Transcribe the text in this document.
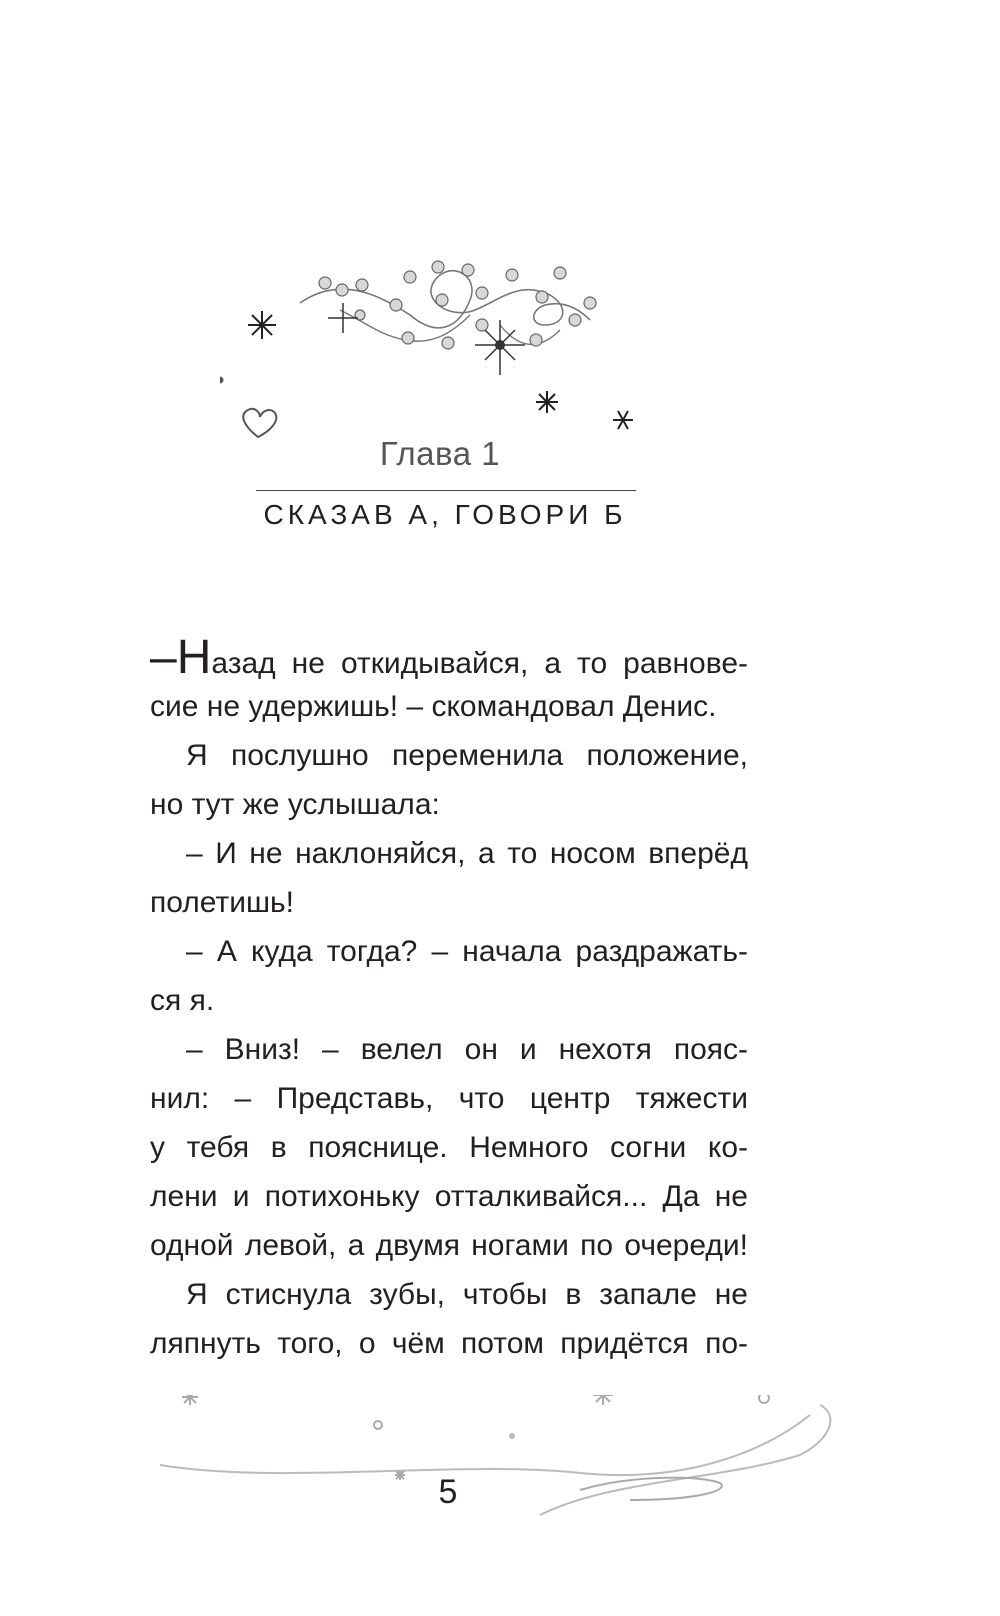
Глава 1
СКАЗАВ А, ГОВОРИ Б
–Назад не откидывайся, а то равнове-
сие не удержишь! – скомандовал Денис.
Я послушно переменила положение,
но тут же услышала:
– И не наклоняйся, а то носом вперёд
полетишь!
– А куда тогда? – начала раздражать-
ся я.
– Вниз! – велел он и нехотя пояс-
нил: – Представь, что центр тяжести
у тебя в пояснице. Немного согни ко-
лени и потихоньку отталкивайся... Да не
одной левой, а двумя ногами по очереди!
Я стиснула зубы, чтобы в запале не
ляпнуть того, о чём потом придётся по-
5
